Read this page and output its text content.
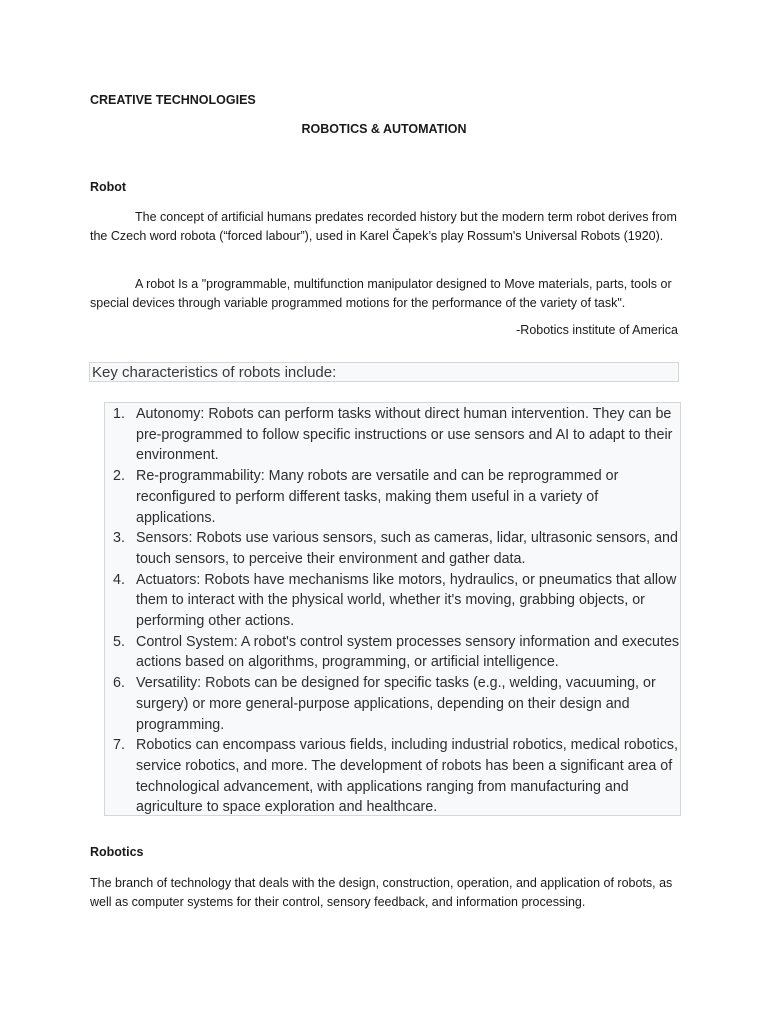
CREATIVE TECHNOLOGIES
ROBOTICS & AUTOMATION
Robot
The concept of artificial humans predates recorded history but the modern term robot derives from the Czech word robota (“forced labour”), used in Karel Čapek’s play Rossum's Universal Robots (1920).
A robot Is a "programmable, multifunction manipulator designed to Move materials, parts, tools or special devices through variable programmed motions for the performance of the variety of task".
-Robotics institute of America
Key characteristics of robots include:
1. Autonomy: Robots can perform tasks without direct human intervention. They can be pre-programmed to follow specific instructions or use sensors and AI to adapt to their environment.
2. Re-programmability: Many robots are versatile and can be reprogrammed or reconfigured to perform different tasks, making them useful in a variety of applications.
3. Sensors: Robots use various sensors, such as cameras, lidar, ultrasonic sensors, and touch sensors, to perceive their environment and gather data.
4. Actuators: Robots have mechanisms like motors, hydraulics, or pneumatics that allow them to interact with the physical world, whether it's moving, grabbing objects, or performing other actions.
5. Control System: A robot's control system processes sensory information and executes actions based on algorithms, programming, or artificial intelligence.
6. Versatility: Robots can be designed for specific tasks (e.g., welding, vacuuming, or surgery) or more general-purpose applications, depending on their design and programming.
7. Robotics can encompass various fields, including industrial robotics, medical robotics, service robotics, and more. The development of robots has been a significant area of technological advancement, with applications ranging from manufacturing and agriculture to space exploration and healthcare.
Robotics
The branch of technology that deals with the design, construction, operation, and application of robots, as well as computer systems for their control, sensory feedback, and information processing.
